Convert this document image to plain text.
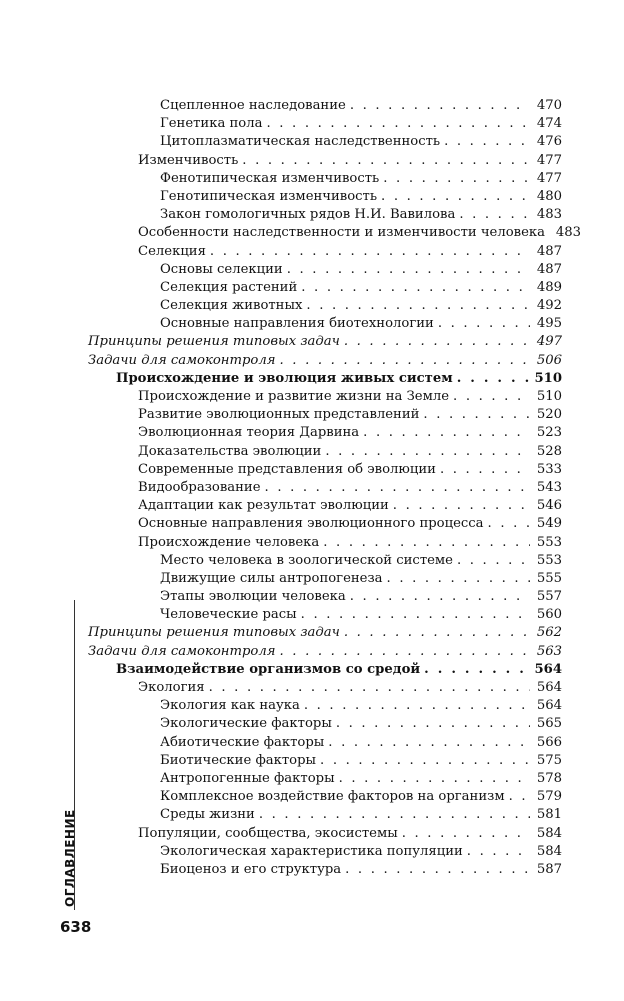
Сцепленное наследование . . .	470
Генетика пола . . .	474
Цитоплазматическая наследственность . . .	476
Изменчивость . . .	477
Фенотипическая изменчивость . . .	477
Генотипическая изменчивость . . .	480
Закон гомологичных рядов Н.И. Вавилова . . .	483
Особенности наследственности и изменчивости человека 483
Селекция . . .	487
Основы селекции . . .	487
Селекция растений . . .	489
Селекция животных . . .	492
Основные направления биотехнологии . . .	495
Принципы решения типовых задач . . .	497
Задачи для самоконтроля . . .	506
Происхождение и эволюция живых систем . . .	510
Происхождение и развитие жизни на Земле . . .	510
Развитие эволюционных представлений . . .	520
Эволюционная теория Дарвина . . .	523
Доказательства эволюции . . .	528
Современные представления об эволюции . . .	533
Видообразование . . .	543
Адаптации как результат эволюции . . .	546
Основные направления эволюционного процесса . . .	549
Происхождение человека . . .	553
Место человека в зоологической системе . . .	553
Движущие силы антропогенеза . . .	555
Этапы эволюции человека . . .	557
Человеческие расы . . .	560
Принципы решения типовых задач . . .	562
Задачи для самоконтроля . . .	563
Взаимодействие организмов со средой . . .	564
Экология . . .	564
Экология как наука . . .	564
Экологические факторы . . .	565
Абиотические факторы . . .	566
Биотические факторы . . .	575
Антропогенные факторы . . .	578
Комплексное воздействие факторов на организм . . . 579
Среды жизни . . .	581
Популяции, сообщества, экосистемы . . .	584
Экологическая характеристика популяции . . .	584
Биоценоз и его структура . . .	587
ОГЛАВЛЕНИЕ
638
